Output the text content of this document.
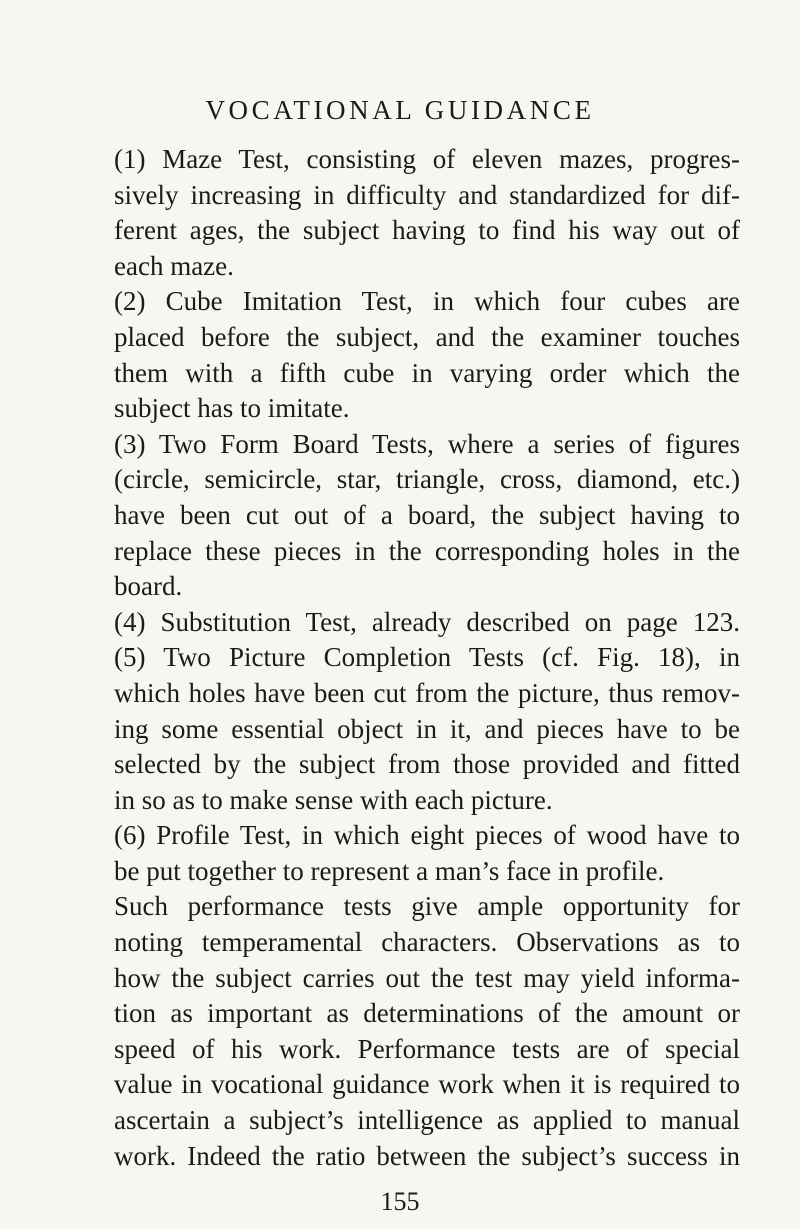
VOCATIONAL GUIDANCE

(1) Maze Test, consisting of eleven mazes, progres-
sively increasing in difficulty and standardized for dif-
ferent ages, the subject having to find his way out of
each maze.

(2) Cube Imitation Test, in which four cubes are
placed before the subject, and the examiner touches
them with a fifth cube in varying order which the
subject has to imitate.

(3) Two Form Board Tests, where a series of figures
(circle, semicircle, star, triangle, cross, diamond, etc.)
have been cut out of a board, the subject having to
replace these pieces in the corresponding holes in the
board.

(4) Substitution Test, already described on page 123.

(5) Two Picture Completion Tests (cf. Fig. 18), in
which holes have been cut from the picture, thus remov-
ing some essential object in it, and pieces have to be
selected by the subject from those provided and fitted
in so as to make sense with each picture.

(6) Profile Test, in which eight pieces of wood have to
be put together to represent a man’s face in profile.

Such performance tests give ample opportunity for
noting temperamental characters. Observations as to
how the subject carries out the test may yield informa-
tion as important as determinations of the amount or
speed of his work. Performance tests are of special
value in vocational guidance work when it is required to
ascertain a subject’s intelligence as applied to manual
work. Indeed the ratio between the subject’s success in

155
